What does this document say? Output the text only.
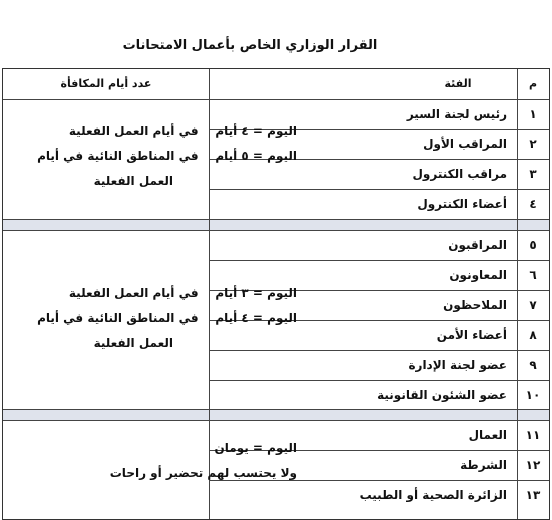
القرار الوزاري الخاص بأعمال الامتحانات
م
الفئة
عدد أيام المكافأة
١
رئيس لجنة السير
٢
المراقب الأول
٣
مراقب الكنترول
٤
أعضاء الكنترول
اليوم = ٤ أيام    في أيام العمل الفعلية
اليوم = ٥ أيام    في المناطق النائية في أيام
العمل الفعلية
٥
المراقبون
٦
المعاونون
٧
الملاحظون
٨
أعضاء الأمن
٩
عضو لجنة الإدارة
١٠
عضو الشئون القانونية
اليوم = ٣ أيام    في أيام العمل الفعلية
اليوم = ٤ أيام    في المناطق النائية في أيام
العمل الفعلية
١١
العمال
١٢
الشرطة
١٣
الزائرة الصحية أو الطبيب
اليوم = يومان
ولا يحتسب لهم تحضير أو راحات
